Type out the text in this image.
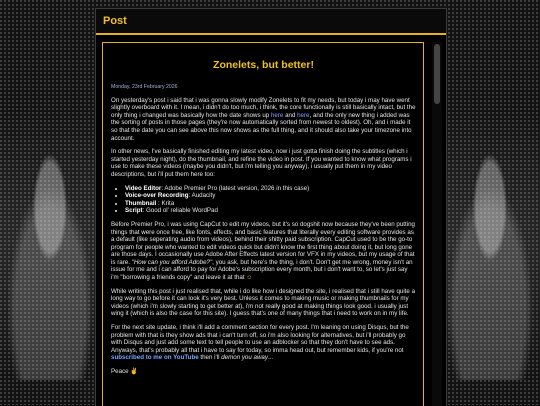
Post
Zonelets, but better!
Monday, 23rd February 2026

On yesterday's post i said that i was gonna slowly modify Zonelets to fit my needs, but today i may have went slightly overboard with it. I mean, i didn't do too much, i think, the core functionally is still basically intact, but the only thing i changed was basically how the date shows up here and here, and the only new thing i added was the sorting of posts in those pages (they're now automatically sorted from newest to oldest). Oh, and i made it so that the date you can see above this now shows as the full thing, and it should also take your timezone into account.

In other news, I've basically finished editing my latest video, now i just gotta finish doing the subtitles (which i started yesterday night), do the thumbnail, and refine the video in post. If you wanted to know what programs i use to make these videos (maybe you didn't, but i'm telling you anyway), i usually put them in my video descriptions, but i'll put them here too:

• Video Editor: Adobe Premier Pro (latest version, 2026 in this case)
• Voice-over Recording: Audacity
• Thumbnail : Krita
• Script: Good ol' reliable WordPad

Before Premier Pro, i was using CapCut to edit my videos, but it's so dogshit now because they've been putting things that were once free, like fonts, effects, and basic features that literally every editing software provides as a default (like seperating audio from videos), behind their shitty paid subscription. CapCut used to be the go-to program for people who wanted to edit videos quick but didn't know the first thing about doing it, but long gone are those days. I occasionally use Adobe After Effects latest version for VFX in my videos, but my usage of that is rare. "How can you afford Adobe?", you ask, but here's the thing, i don't. Don't get me wrong, money isn't an issue for me and i can afford to pay for Adobe's subscription every month, but i don't want to, so let's just say i'm "borrowing a friends copy" and leave it at that ☺

While writing this post i just realised that, while i do like how i designed the site, i realised that i still have quite a long way to go before it can look it's very best. Unless it comes to making music or making thumbnails for my videos (which i'm slowly starting to get better at), i'm not really good at making things look good. i usually just wing it (which is also the case for this site). I guess that's one of many things that i need to work on in my life.

For the next site update, i think i'll add a comment section for every post. I'm leaning on using Disqus, but the problem with that is they show ads that i can't turn off, so i'm also looking for alternatives, but i'll probably go with Disqus and just add some text to tell people to use an adblocker so that they don't have to see ads. Anyways, that's probably all that i have to say for today, so imma head out, but remember kids, if you're not subscribed to me on YouTube then i'll demon you away...

Peace ✌
